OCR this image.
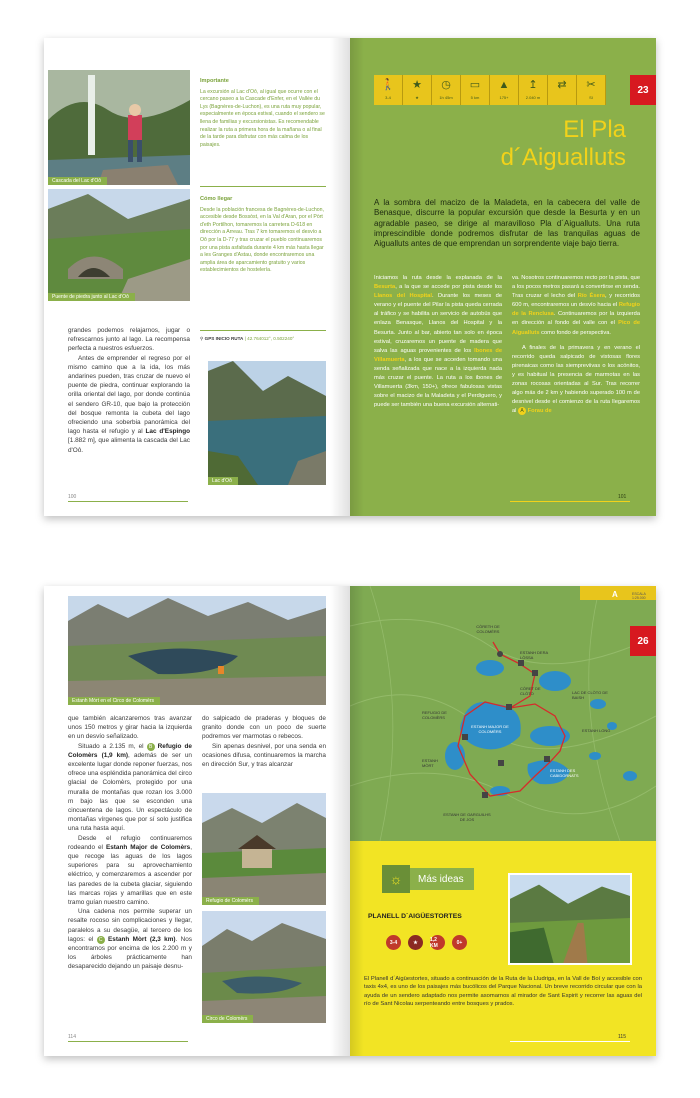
Cascada del Lac d'Oô
Puente de piedra junto al Lac d'Oô
Importante
La excursión al Lac d'Oô, al igual que ocurre con el cercano paseo a la Cascade d'Enfer, en el Vallée du Lys (Bagnères-de-Luchon), es una ruta muy popular, especialmente en época estival, cuando el sendero se llena de familias y excursionistas. Es recomendable realizar la ruta a primera hora de la mañana o al final de la tarde para disfrutar con más calma de los paisajes.
Cómo llegar
Desde la población francesa de Bagnères-de-Luchon, accesible desde Bossòst, en la Val d'Aran, por el Pòrt d'eth Portilhon, tomaremos la carretera D-618 en dirección a Arreau. Tras 7 km tomaremos el desvío a Oô por la D-77 y tras cruzar el pueblo continuaremos por una pista asfaltada durante 4 km más hasta llegar a les Granges d'Astau, donde encontraremos una amplia área de aparcamiento gratuito y varios establecimientos de hostelería.
⚲ GPS INICIO RUTA | 42.764012°, 0.502240°

grandes podemos relajarnos, jugar o refrescarnos junto al lago. La recompensa perfecta a nuestros esfuerzos.

Antes de emprender el regreso por el mismo camino que a la ida, los más andarines pueden, tras cruzar de nuevo el puente de piedra, continuar explorando la orilla oriental del lago, por donde continúa el sendero GR-10, que bajo la protección del bosque remonta la cubeta del lago ofreciendo una soberbia panorámica del lago hasta el refugio y al Lac d'Espingo [1.882 m], que alimenta la cascada del Lac d'Oô.

Lac d'Oô
100
🚶
3-4
★
★
◷
1h 45m
▭
5 km
▲
175+
↥
2.040 m
⇄ ✂
SI
23
El Pla
d´Aigualluts
A la sombra del macizo de la Maladeta, en la cabecera del valle de Benasque, discurre la popular excursión que desde la Besurta y en un agradable paseo, se dirige al maravilloso Pla d´Aigualluts. Una ruta imprescindible donde podremos disfrutar de las tranquilas aguas de Aigualluts antes de que emprendan un sorprendente viaje bajo tierra.
Iniciamos la ruta desde la explanada de la Besurta, a la que se accede por pista desde los Llanos del Hospital. Durante los meses de verano y el puente del Pilar la pista queda cerrada al tráfico y se habilita un servicio de autobús que enlaza Benasque, Llanos del Hospital y la Besurta. Junto al bar, abierto tan solo en época estival, cruzaremos un puente de madera que salva las aguas provenientes de los Ibones de Villamuerta, a los que se acceden tomando una senda señalizada que nace a la izquierda nada más cruzar el puente. La ruta a los ibones de Villamuerta (3km, 150+), ofrece fabulosas vistas sobre el macizo de la Maladeta y el Perdiguero, y puede ser también una buena excursión alternati-

va. Nosotros continuaremos recto por la pista, que a los pocos metros pasará a convertirse en senda. Tras cruzar el lecho del Río Ésera, y recorridos 600 m, encontraremos un desvío hacia el Refugio de la Renclusa. Continuaremos por la izquierda en dirección al fondo del valle con el Pico de Aigualluts como fondo de perspectiva.

A finales de la primavera y en verano el recorrido queda salpicado de vistosas flores pirenaicas como las siempreviivas o los acónitos, y es habitual la presencia de marmotas en las zonas rocosas orientadas al Sur. Tras recorrer algo más de 2 km y habiendo superado 100 m de desnivel desde el comienzo de la ruta llegaremos al A Forau de

101
Estanh Mòrt en el Circo de Colomèrs

que también alcanzaremos tras avanzar unos 150 metros y girar hacia la izquierda en un desvío señalizado.

Situado a 2.135 m, el B Refugio de Colomèrs (1,9 km), además de ser un excelente lugar donde reponer fuerzas, nos ofrece una espléndida panorámica del circo glacial de Colomèrs, protegido por una muralla de montañas que rozan los 3.000 m bajo las que se esconden una cincuentena de lagos. Un espectáculo de montañas vírgenes que por sí solo justifica una ruta hasta aquí.

Desde el refugio continuaremos rodeando el Estanh Major de Colomèrs, que recoge las aguas de los lagos superiores para su aprovechamiento eléctrico, y comenzaremos a ascender por las paredes de la cubeta glaciar, siguiendo las marcas rojas y amarillas que en este tramo guían nuestro camino.

Una cadena nos permite superar un resalte rocoso sin complicaciones y llegar, paralelos a su desagüe, al tercero de los lagos: el C Estanh Mòrt (2,3 km). Nos encontramos por encima de los 2.200 m y los árboles prácticamente han desaparecido dejando un paisaje desnu-

do salpicado de praderas y bloques de granito donde con un poco de suerte podremos ver marmotas o rebecos.

Sin apenas desnivel, por una senda en ocasiones difusa, continuaremos la marcha en dirección Sur, y tras alcanzar

Refugio de Colomèrs
Circo de Colomèrs
114
CÒRETH DE COLOMÈRS
ESTANH DERA LÒSSA
CÒRET DE CLÒTO	LAC DE CLÒTO DE BAISH
REFUGIO DE COLOMÈRS
ESTANH MAJOR DE COLOMÈRS	ESTANH LONG
ESTANH MÒRT
ESTANH DES CABIDORNATS
ESTANH DE GARGUILHS DE JOS
A	ESCALA 1:25.000
26
☼	Más ideas
PLANELL D´AIGÜESTORTES
3-4	★	1,2 KM	0+
El Planell d´Aigüestortes, situado a continuación de la Ruta de la Lludriga, en la Vall de Boí y accesible con taxis 4x4, es uno de los paisajes más bucólicos del Parque Nacional. Un breve recorrido circular que con la ayuda de un sendero adaptado nos permite asomarnos al mirador de Sant Espirit y recorrer las aguas del río de Sant Nicolau serpenteando entre bosques y prados.
115
